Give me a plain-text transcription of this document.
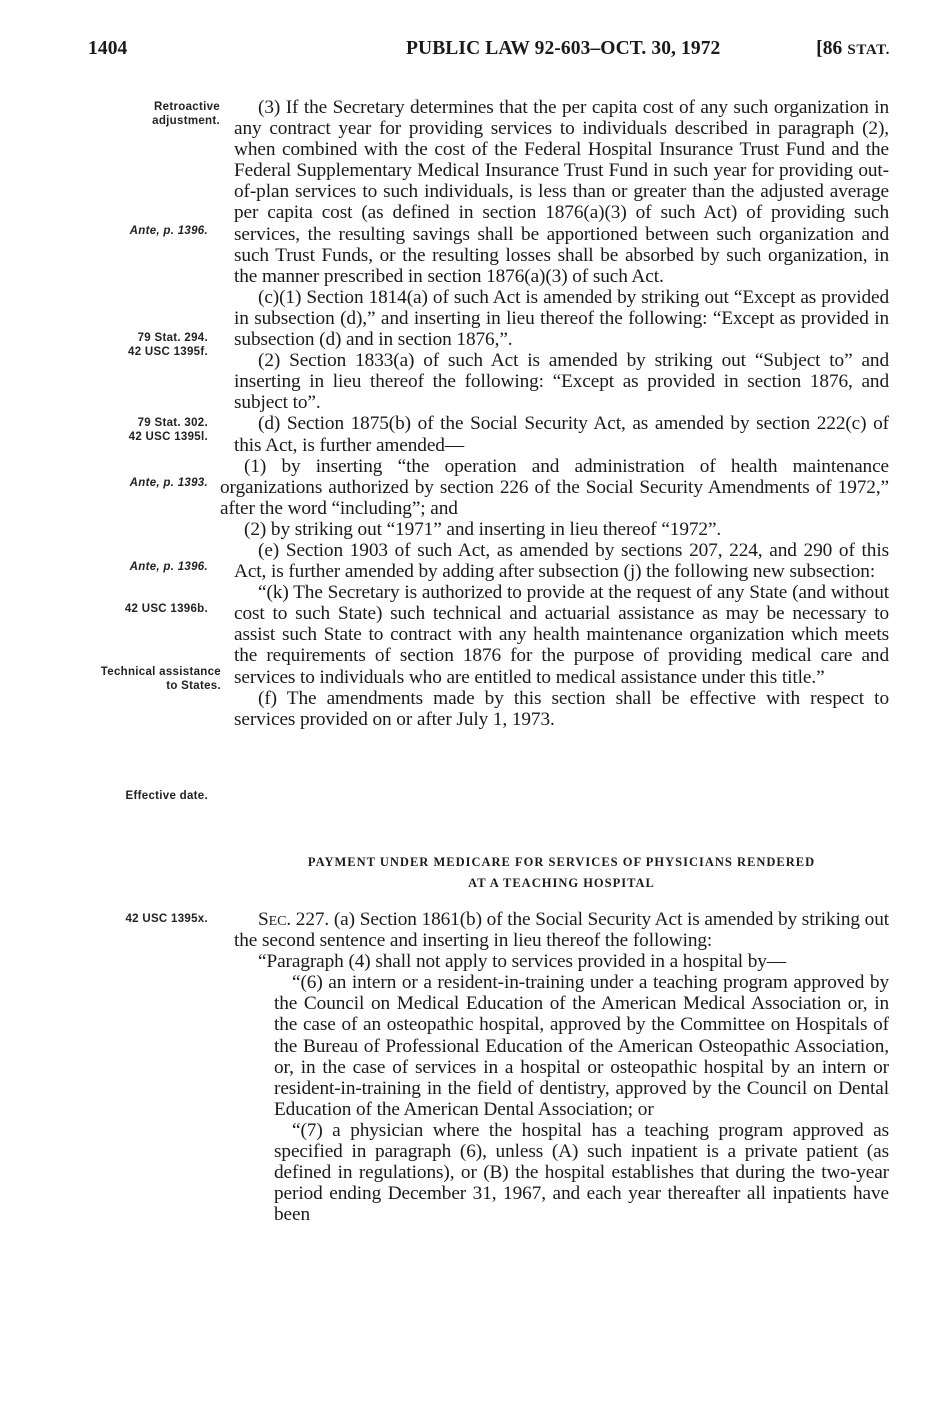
1404	PUBLIC LAW 92-603–OCT. 30, 1972	[86 STAT.
Retroactive adjustment.
Ante, p. 1396.
79 Stat. 294.
42 USC 1395f.
79 Stat. 302.
42 USC 1395l.
Ante, p. 1393.
Ante, p. 1396.
42 USC 1396b.
Technical assistance to States.
Effective date.
42 USC 1395x.

(3) If the Secretary determines that the per capita cost of any such organization in any contract year for providing services to individuals described in paragraph (2), when combined with the cost of the Federal Hospital Insurance Trust Fund and the Federal Supplementary Medical Insurance Trust Fund in such year for providing out-of-plan services to such individuals, is less than or greater than the adjusted average per capita cost (as defined in section 1876(a)(3) of such Act) of providing such services, the resulting savings shall be apportioned between such organization and such Trust Funds, or the resulting losses shall be absorbed by such organization, in the manner prescribed in section 1876(a)(3) of such Act.

(c)(1) Section 1814(a) of such Act is amended by striking out “Except as provided in subsection (d),” and inserting in lieu thereof the following: “Except as provided in subsection (d) and in section 1876,”.

(2) Section 1833(a) of such Act is amended by striking out “Subject to” and inserting in lieu thereof the following: “Except as provided in section 1876, and subject to”.

(d) Section 1875(b) of the Social Security Act, as amended by section 222(c) of this Act, is further amended—

(1) by inserting “the operation and administration of health maintenance organizations authorized by section 226 of the Social Security Amendments of 1972,” after the word “including”; and

(2) by striking out “1971” and inserting in lieu thereof “1972”.

(e) Section 1903 of such Act, as amended by sections 207, 224, and 290 of this Act, is further amended by adding after subsection (j) the following new subsection:

“(k) The Secretary is authorized to provide at the request of any State (and without cost to such State) such technical and actuarial assistance as may be necessary to assist such State to contract with any health maintenance organization which meets the requirements of section 1876 for the purpose of providing medical care and services to individuals who are entitled to medical assistance under this title.”

(f) The amendments made by this section shall be effective with respect to services provided on or after July 1, 1973.

PAYMENT UNDER MEDICARE FOR SERVICES OF PHYSICIANS RENDERED
AT A TEACHING HOSPITAL

Sec. 227. (a) Section 1861(b) of the Social Security Act is amended by striking out the second sentence and inserting in lieu thereof the following:

“Paragraph (4) shall not apply to services provided in a hospital by—

“(6) an intern or a resident-in-training under a teaching program approved by the Council on Medical Education of the American Medical Association or, in the case of an osteopathic hospital, approved by the Committee on Hospitals of the Bureau of Professional Education of the American Osteopathic Association, or, in the case of services in a hospital or osteopathic hospital by an intern or resident-in-training in the field of dentistry, approved by the Council on Dental Education of the American Dental Association; or

“(7) a physician where the hospital has a teaching program approved as specified in paragraph (6), unless (A) such inpatient is a private patient (as defined in regulations), or (B) the hospital establishes that during the two-year period ending December 31, 1967, and each year thereafter all inpatients have been
